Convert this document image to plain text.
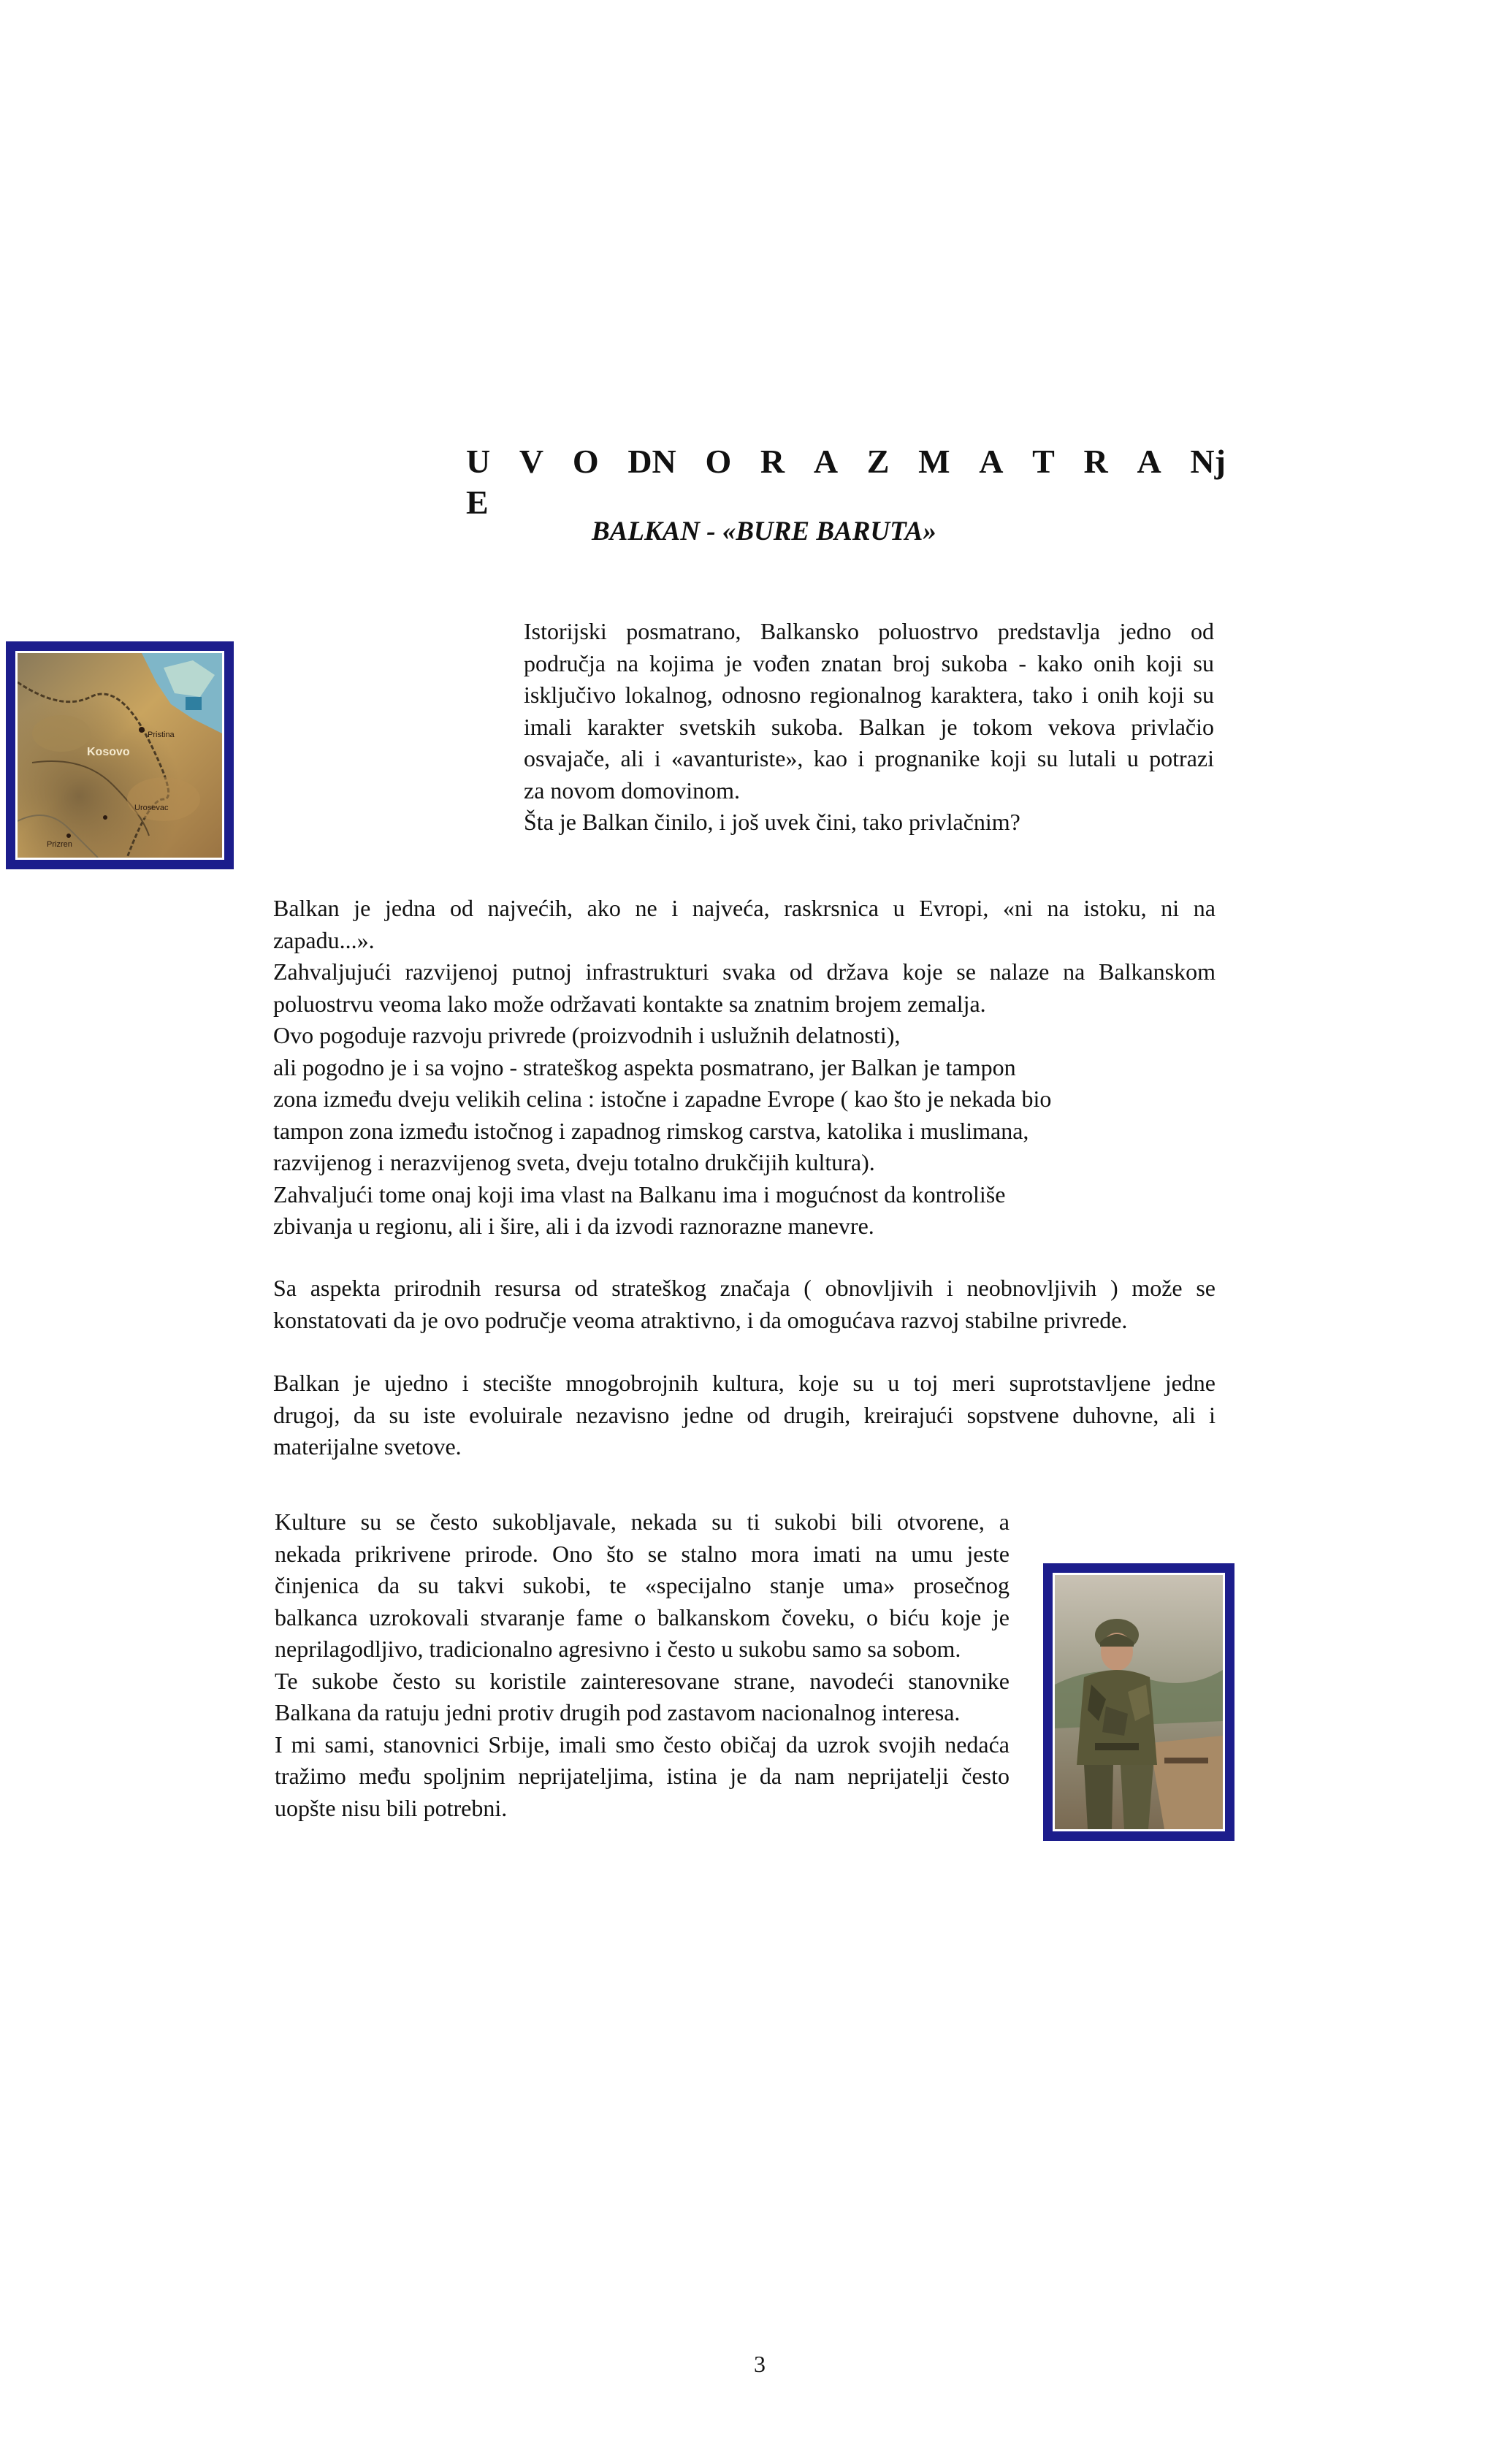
U V O DN O R A Z M A T R A Nj
E
BALKAN - «BURE BARUTA»
Kosovo
Pristina
Urosevac
Prizren
Istorijski posmatrano, Balkansko poluostrvo predstavlja jedno od
područja na kojima je vođen znatan broj sukoba - kako onih koji su
isključivo lokalnog, odnosno regionalnog karaktera, tako i onih koji su
imali karakter svetskih sukoba. Balkan je tokom vekova privlačio
osvajače, ali i «avanturiste», kao i prognanike koji su lutali u potrazi
za novom domovinom.
Šta je Balkan činilo, i još uvek čini, tako privlačnim?
Balkan je jedna od najvećih, ako ne i najveća, raskrsnica u Evropi, «ni na istoku, ni na
zapadu...».
Zahvaljujući razvijenoj putnoj infrastrukturi svaka od država koje se nalaze na Balkanskom
poluostrvu veoma lako može održavati kontakte sa znatnim brojem zemalja.
Ovo pogoduje razvoju privrede (proizvodnih i uslužnih delatnosti),
ali pogodno je i sa vojno - strateškog aspekta posmatrano, jer Balkan je tampon
zona između dveju velikih celina : istočne i zapadne Evrope ( kao što je nekada bio
tampon zona između istočnog i zapadnog rimskog carstva, katolika i muslimana,
razvijenog i nerazvijenog sveta, dveju totalno drukčijih kultura).
Zahvaljući tome onaj koji ima vlast na Balkanu ima i mogućnost da kontroliše
zbivanja u regionu, ali i šire, ali i da izvodi raznorazne manevre.
Sa aspekta prirodnih resursa od strateškog značaja ( obnovljivih i neobnovljivih ) može se
konstatovati da je ovo područje veoma atraktivno, i da omogućava razvoj stabilne privrede.
Balkan je ujedno i stecište mnogobrojnih kultura, koje su u toj meri suprotstavljene jedne
drugoj, da su iste evoluirale nezavisno jedne od drugih, kreirajući sopstvene duhovne, ali i
materijalne svetove.
Kulture su se često sukobljavale, nekada su ti sukobi bili otvorene, a
nekada prikrivene prirode. Ono što se stalno mora imati na umu jeste
činjenica da su takvi sukobi, te «specijalno stanje uma» prosečnog
balkanca uzrokovali stvaranje fame o balkanskom čoveku, o biću koje je
neprilagodljivo, tradicionalno agresivno i često u sukobu samo sa sobom.
Te sukobe često su koristile zainteresovane strane, navodeći stanovnike
Balkana da ratuju jedni protiv drugih pod zastavom nacionalnog interesa.
I mi sami, stanovnici Srbije, imali smo često običaj da uzrok svojih nedaća
tražimo među spoljnim neprijateljima, istina je da nam neprijatelji često
uopšte nisu bili potrebni.
3
